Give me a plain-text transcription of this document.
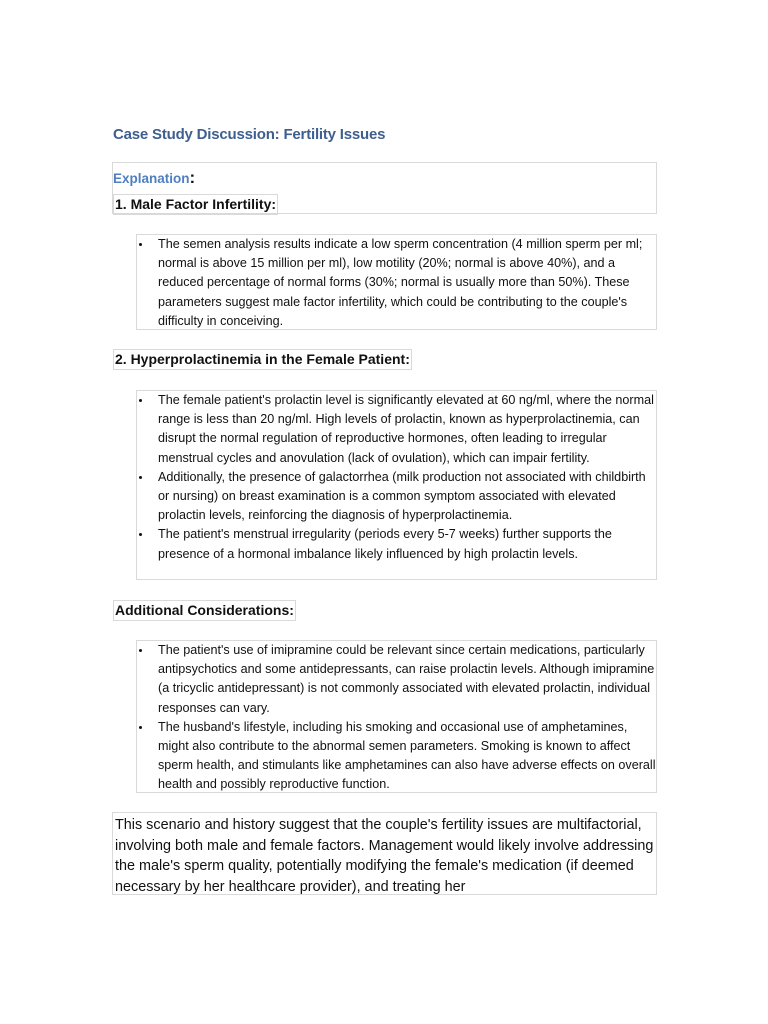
Case Study Discussion: Fertility Issues
Explanation:
1. Male Factor Infertility:
The semen analysis results indicate a low sperm concentration (4 million sperm per ml; normal is above 15 million per ml), low motility (20%; normal is above 40%), and a reduced percentage of normal forms (30%; normal is usually more than 50%). These parameters suggest male factor infertility, which could be contributing to the couple's difficulty in conceiving.
2. Hyperprolactinemia in the Female Patient:
The female patient's prolactin level is significantly elevated at 60 ng/ml, where the normal range is less than 20 ng/ml. High levels of prolactin, known as hyperprolactinemia, can disrupt the normal regulation of reproductive hormones, often leading to irregular menstrual cycles and anovulation (lack of ovulation), which can impair fertility.
Additionally, the presence of galactorrhea (milk production not associated with childbirth or nursing) on breast examination is a common symptom associated with elevated prolactin levels, reinforcing the diagnosis of hyperprolactinemia.
The patient's menstrual irregularity (periods every 5-7 weeks) further supports the presence of a hormonal imbalance likely influenced by high prolactin levels.
Additional Considerations:
The patient's use of imipramine could be relevant since certain medications, particularly antipsychotics and some antidepressants, can raise prolactin levels. Although imipramine (a tricyclic antidepressant) is not commonly associated with elevated prolactin, individual responses can vary.
The husband's lifestyle, including his smoking and occasional use of amphetamines, might also contribute to the abnormal semen parameters. Smoking is known to affect sperm health, and stimulants like amphetamines can also have adverse effects on overall health and possibly reproductive function.
This scenario and history suggest that the couple's fertility issues are multifactorial, involving both male and female factors. Management would likely involve addressing the male's sperm quality, potentially modifying the female's medication (if deemed necessary by her healthcare provider), and treating her
